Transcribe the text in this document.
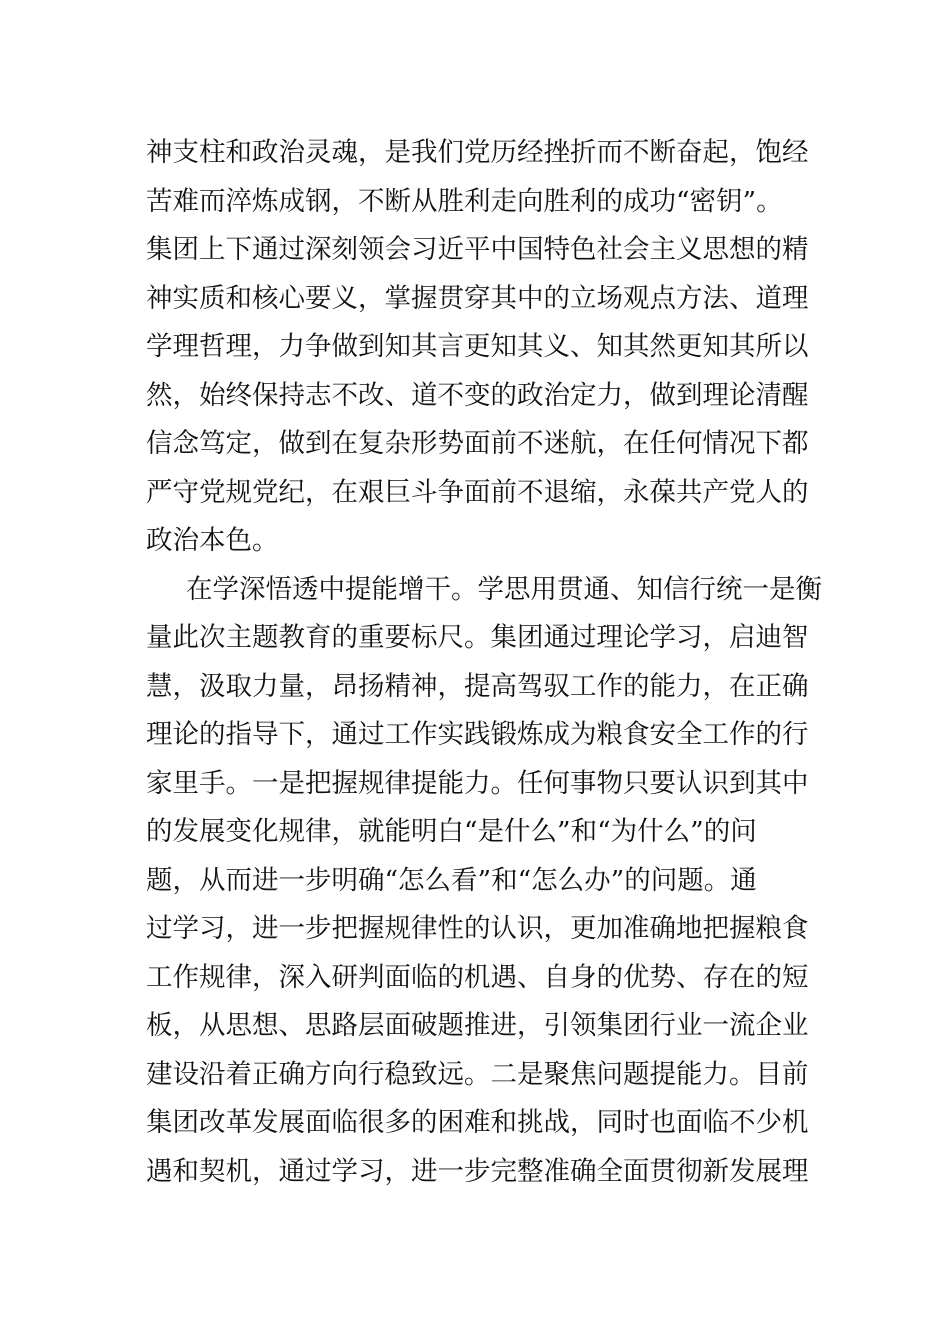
神支柱和政治灵魂，是我们党历经挫折而不断奋起，饱经
苦难而淬炼成钢，不断从胜利走向胜利的成功“密钥”。
集团上下通过深刻领会习近平中国特色社会主义思想的精
神实质和核心要义，掌握贯穿其中的立场观点方法、道理
学理哲理，力争做到知其言更知其义、知其然更知其所以
然，始终保持志不改、道不变的政治定力，做到理论清醒
信念笃定，做到在复杂形势面前不迷航，在任何情况下都
严守党规党纪，在艰巨斗争面前不退缩，永葆共产党人的
政治本色。
在学深悟透中提能增干。学思用贯通、知信行统一是衡
量此次主题教育的重要标尺。集团通过理论学习，启迪智
慧，汲取力量，昂扬精神，提高驾驭工作的能力，在正确
理论的指导下，通过工作实践锻炼成为粮食安全工作的行
家里手。一是把握规律提能力。任何事物只要认识到其中
的发展变化规律，就能明白“是什么”和“为什么”的问
题，从而进一步明确“怎么看”和“怎么办”的问题。通
过学习，进一步把握规律性的认识，更加准确地把握粮食
工作规律，深入研判面临的机遇、自身的优势、存在的短
板，从思想、思路层面破题推进，引领集团行业一流企业
建设沿着正确方向行稳致远。二是聚焦问题提能力。目前
集团改革发展面临很多的困难和挑战，同时也面临不少机
遇和契机，通过学习，进一步完整准确全面贯彻新发展理
